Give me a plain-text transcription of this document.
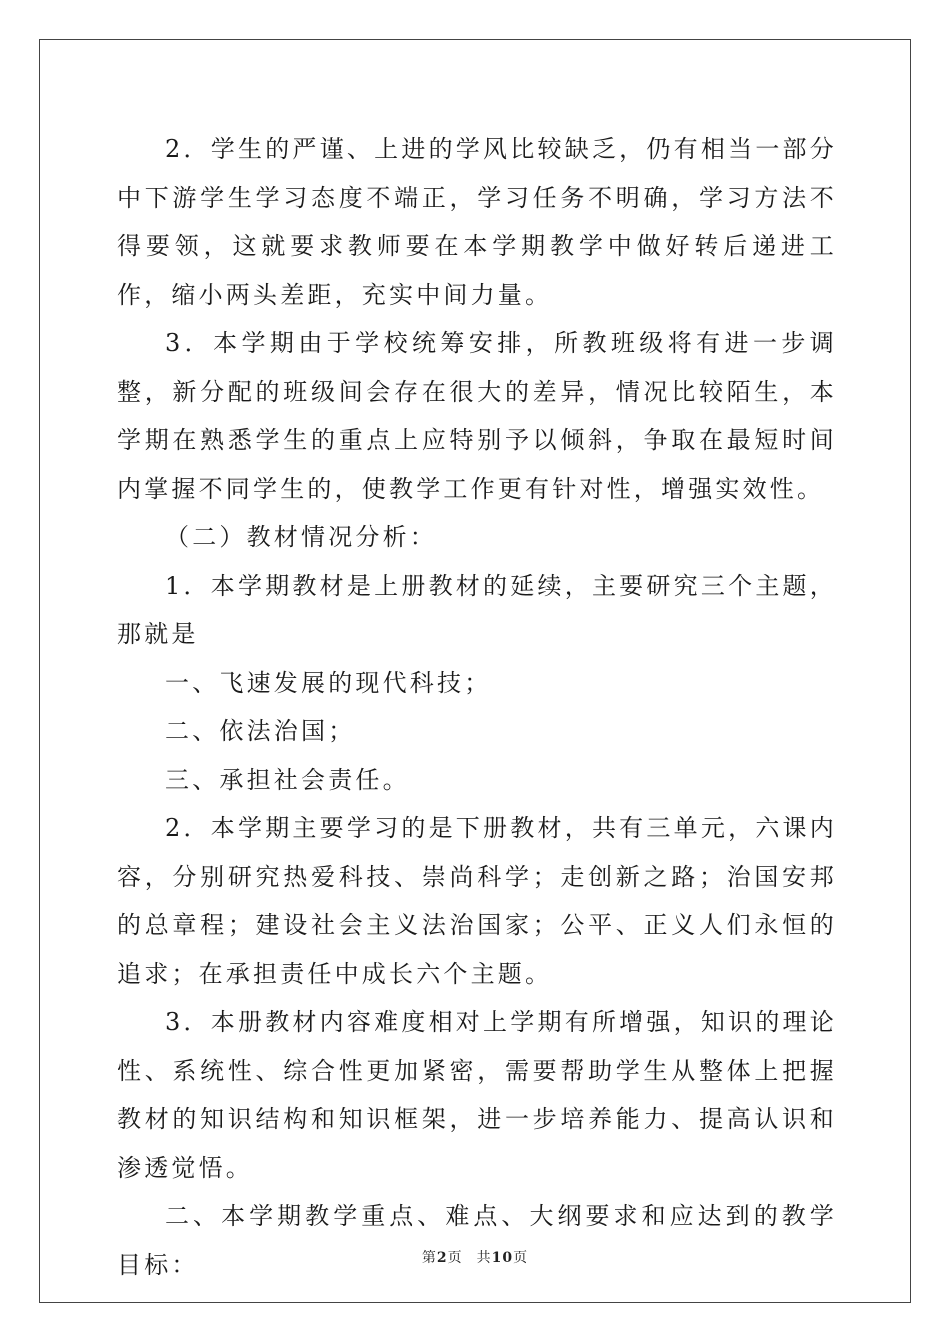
2．学生的严谨、上进的学风比较缺乏，仍有相当一部分中下游学生学习态度不端正，学习任务不明确，学习方法不得要领，这就要求教师要在本学期教学中做好转后递进工作，缩小两头差距，充实中间力量。

3．本学期由于学校统筹安排，所教班级将有进一步调整，新分配的班级间会存在很大的差异，情况比较陌生，本学期在熟悉学生的重点上应特别予以倾斜，争取在最短时间内掌握不同学生的，使教学工作更有针对性，增强实效性。

（二）教材情况分析：

1．本学期教材是上册教材的延续，主要研究三个主题，那就是

一、飞速发展的现代科技；

二、依法治国；

三、承担社会责任。

2．本学期主要学习的是下册教材，共有三单元，六课内容，分别研究热爱科技、崇尚科学；走创新之路；治国安邦的总章程；建设社会主义法治国家；公平、正义人们永恒的追求；在承担责任中成长六个主题。

3．本册教材内容难度相对上学期有所增强，知识的理论性、系统性、综合性更加紧密，需要帮助学生从整体上把握教材的知识结构和知识框架，进一步培养能力、提高认识和渗透觉悟。

二、本学期教学重点、难点、大纲要求和应达到的教学目标：	第2页 共10页
